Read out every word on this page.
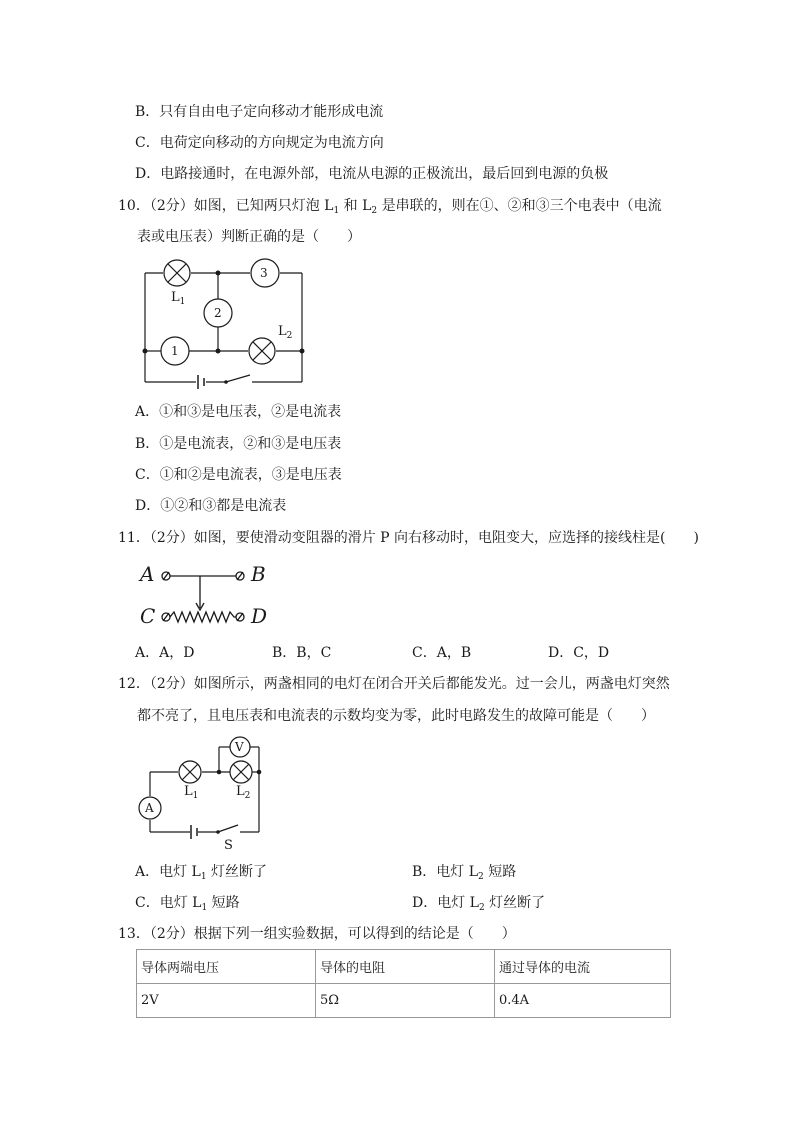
B．只有自由电子定向移动才能形成电流
C．电荷定向移动的方向规定为电流方向
D．电路接通时，在电源外部，电流从电源的正极流出，最后回到电源的负极
10．（2分）如图，已知两只灯泡 $L_1$ 和 $L_2$ 是串联的，则在①、②和③三个电表中（电流
表或电压表）判断正确的是（　　）
3
2
1
$L_1$
$L_2$
A．①和③是电压表，②是电流表
B．①是电流表，②和③是电压表
C．①和②是电流表，③是电压表
D．①②和③都是电流表
11．（2分）如图，要使滑动变阻器的滑片 P 向右移动时，电阻变大，应选择的接线柱是(　　)
A	B
C	D
A．A，D	B．B，C	C．A，B	D．C，D
12．（2分）如图所示，两盏相同的电灯在闭合开关后都能发光。过一会儿，两盏电灯突然
都不亮了，且电压表和电流表的示数均变为零，此时电路发生的故障可能是（　　）
V
A
S
$L_1$	$L_2$
A．电灯 $L_1$ 灯丝断了	B．电灯 $L_2$ 短路
C．电灯 $L_1$ 短路	D．电灯 $L_2$ 灯丝断了
13．（2分）根据下列一组实验数据，可以得到的结论是（　　）
导体两端电压	导体的电阻	通过导体的电流
2V	5Ω	0.4A
